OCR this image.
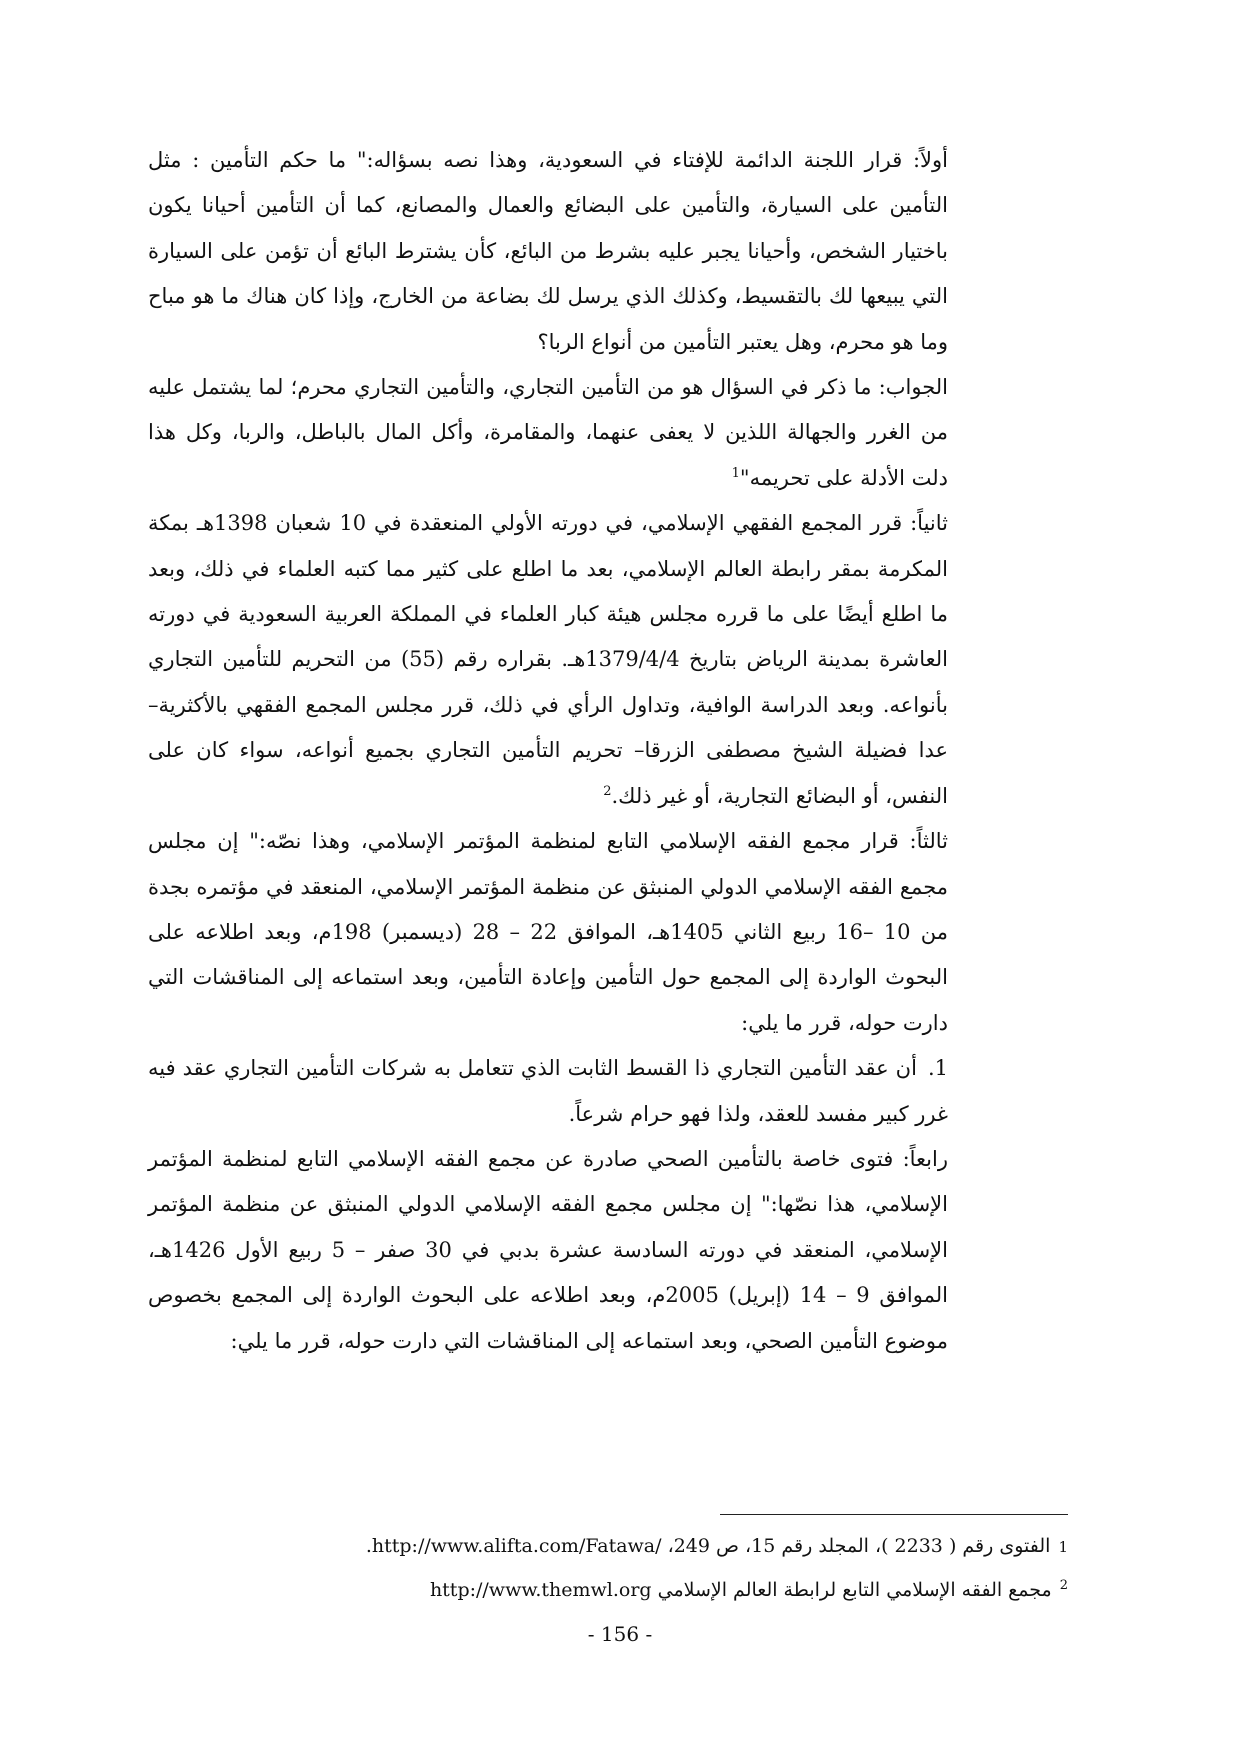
أولاً: قرار اللجنة الدائمة للإفتاء في السعودية، وهذا نصه بسؤاله:" ما حكم التأمين : مثل التأمين على السيارة، والتأمين على البضائع والعمال والمصانع، كما أن التأمين أحيانا يكون باختيار الشخص، وأحيانا يجبر عليه بشرط من البائع، كأن يشترط البائع أن تؤمن على السيارة التي يبيعها لك بالتقسيط، وكذلك الذي يرسل لك بضاعة من الخارج، وإذا كان هناك ما هو مباح وما هو محرم، وهل يعتبر التأمين من أنواع الربا؟

الجواب: ما ذكر في السؤال هو من التأمين التجاري، والتأمين التجاري محرم؛ لما يشتمل عليه من الغرر والجهالة اللذين لا يعفى عنهما، والمقامرة، وأكل المال بالباطل، والربا، وكل هذا دلت الأدلة على تحريمه"$^1$

ثانياً: قرر المجمع الفقهي الإسلامي، في دورته الأولي المنعقدة في 10 شعبان 1398هـ بمكة المكرمة بمقر رابطة العالم الإسلامي، بعد ما اطلع على كثير مما كتبه العلماء في ذلك، وبعد ما اطلع أيضًا على ما قرره مجلس هيئة كبار العلماء في المملكة العربية السعودية في دورته العاشرة بمدينة الرياض بتاريخ 1379/4/4هـ. بقراره رقم (55) من التحريم للتأمين التجاري بأنواعه. وبعد الدراسة الوافية، وتداول الرأي في ذلك، قرر مجلس المجمع الفقهي بالأكثرية– عدا فضيلة الشيخ مصطفى الزرقا– تحريم التأمين التجاري بجميع أنواعه، سواء كان على النفس، أو البضائع التجارية، أو غير ذلك.$^2$

ثالثاً: قرار مجمع الفقه الإسلامي التابع لمنظمة المؤتمر الإسلامي، وهذا نصّه:" إن مجلس مجمع الفقه الإسلامي الدولي المنبثق عن منظمة المؤتمر الإسلامي، المنعقد في مؤتمره بجدة من 10 –16 ربيع الثاني 1405هـ، الموافق 22 – 28 (ديسمبر) 198م، وبعد اطلاعه على البحوث الواردة إلى المجمع حول التأمين وإعادة التأمين، وبعد استماعه إلى المناقشات التي دارت حوله، قرر ما يلي:

1. أن عقد التأمين التجاري ذا القسط الثابت الذي تتعامل به شركات التأمين التجاري عقد فيه غرر كبير مفسد للعقد، ولذا فهو حرام شرعاً.

رابعاً: فتوى خاصة بالتأمين الصحي صادرة عن مجمع الفقه الإسلامي التابع لمنظمة المؤتمر الإسلامي، هذا نصّها:" إن مجلس مجمع الفقه الإسلامي الدولي المنبثق عن منظمة المؤتمر الإسلامي، المنعقد في دورته السادسة عشرة بدبي في 30 صفر – 5 ربيع الأول 1426هـ، الموافق 9 – 14 (إبريل) 2005م، وبعد اطلاعه على البحوث الواردة إلى المجمع بخصوص موضوع التأمين الصحي، وبعد استماعه إلى المناقشات التي دارت حوله، قرر ما يلي:

1الفتوى رقم ( 2233 )، المجلد رقم 15، ص 249، /http://www.alifta.com/Fatawa.

$^2$مجمع الفقه الإسلامي التابع لرابطة العالم الإسلامي http://www.themwl.org

- 156 -
